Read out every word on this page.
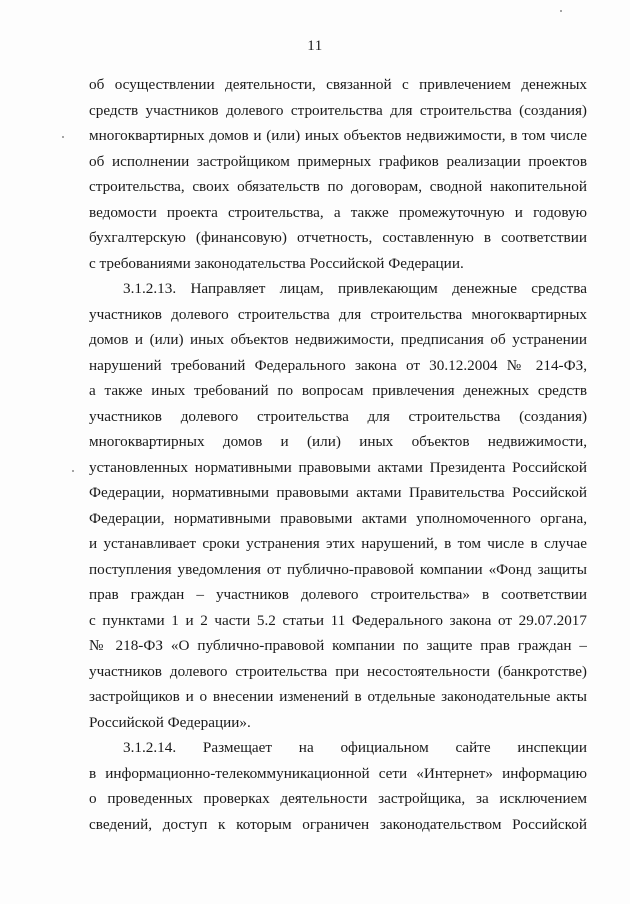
11
об осуществлении деятельности, связанной с привлечением денежных
средств участников долевого строительства для строительства (создания)
многоквартирных домов и (или) иных объектов недвижимости, в том числе
об исполнении застройщиком примерных графиков реализации проектов
строительства, своих обязательств по договорам, сводной накопительной
ведомости проекта строительства, а также промежуточную и годовую
бухгалтерскую (финансовую) отчетность, составленную в соответствии
с требованиями законодательства Российской Федерации.
3.1.2.13. Направляет лицам, привлекающим денежные средства
участников долевого строительства для строительства многоквартирных
домов и (или) иных объектов недвижимости, предписания об устранении
нарушений требований Федерального закона от 30.12.2004 № 214-ФЗ,
а также иных требований по вопросам привлечения денежных средств
участников долевого строительства для строительства (создания)
многоквартирных домов и (или) иных объектов недвижимости,
установленных нормативными правовыми актами Президента Российской
Федерации, нормативными правовыми актами Правительства Российской
Федерации, нормативными правовыми актами уполномоченного органа,
и устанавливает сроки устранения этих нарушений, в том числе в случае
поступления уведомления от публично-правовой компании «Фонд защиты
прав граждан – участников долевого строительства» в соответствии
с пунктами 1 и 2 части 5.2 статьи 11 Федерального закона от 29.07.2017
№ 218-ФЗ «О публично-правовой компании по защите прав граждан –
участников долевого строительства при несостоятельности (банкротстве)
застройщиков и о внесении изменений в отдельные законодательные акты
Российской Федерации».
3.1.2.14. Размещает на официальном сайте инспекции
в информационно-телекоммуникационной сети «Интернет» информацию
о проведенных проверках деятельности застройщика, за исключением
сведений, доступ к которым ограничен законодательством Российской
